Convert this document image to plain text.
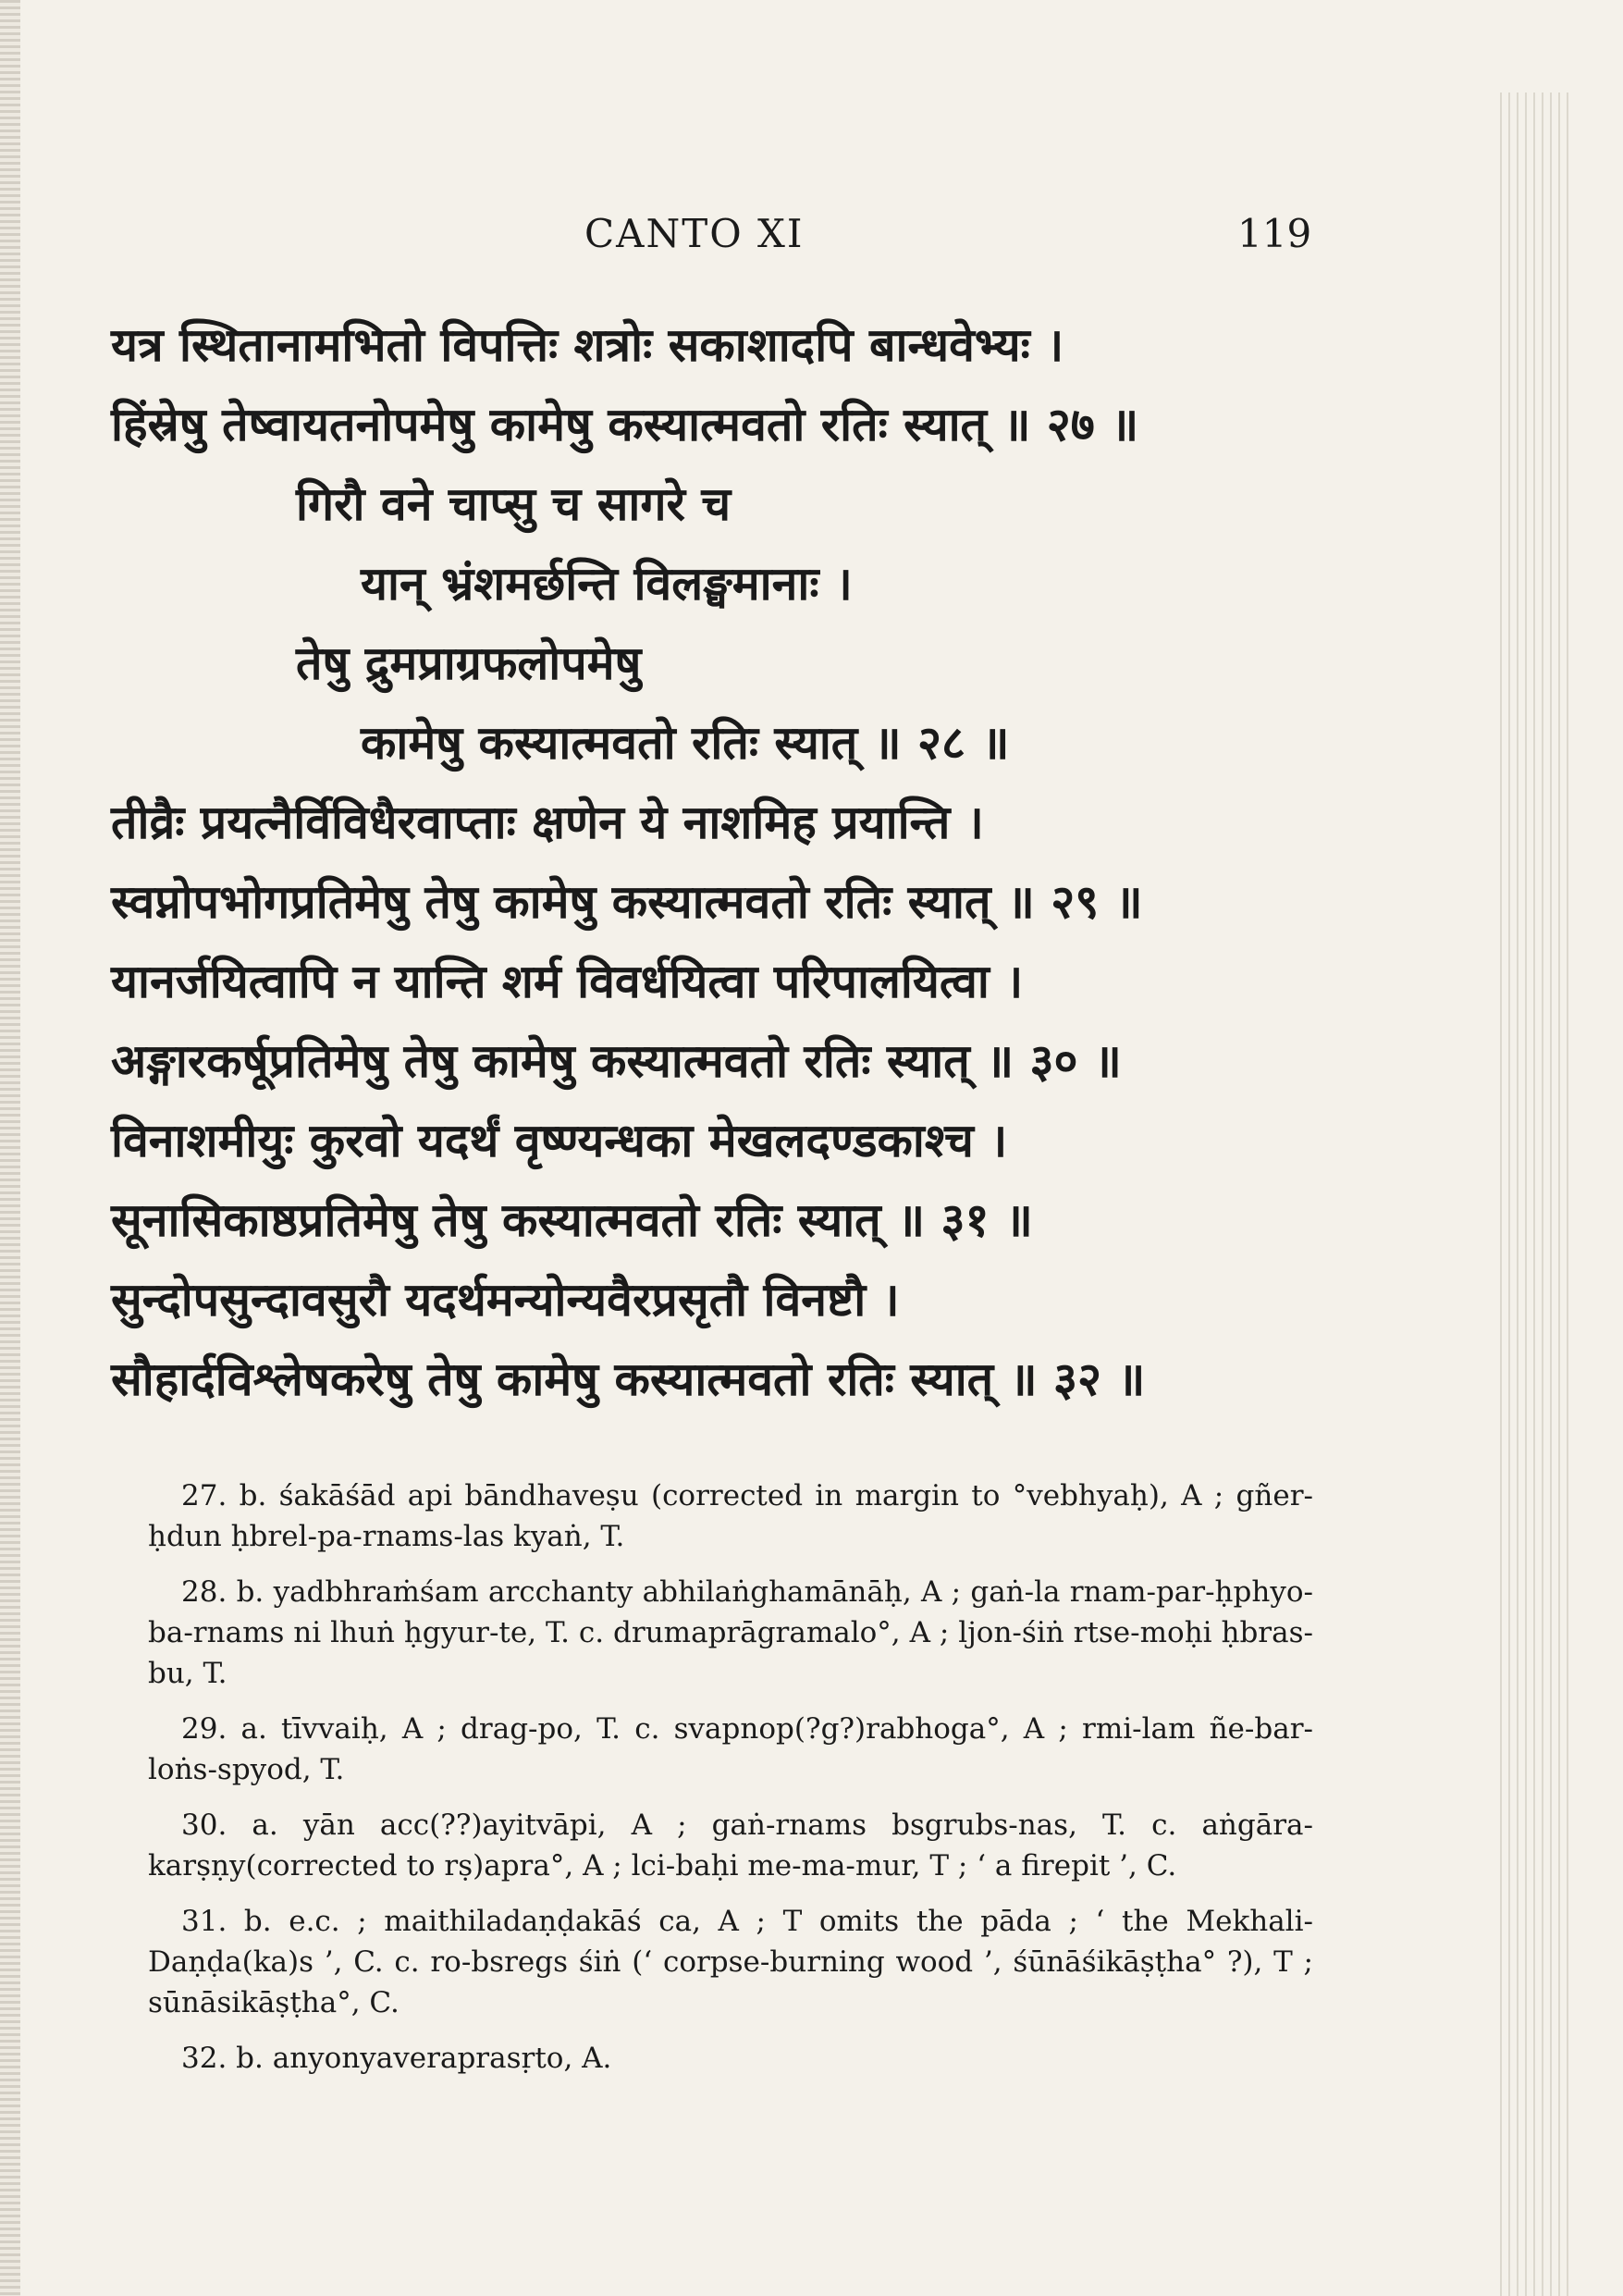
CANTO XI	119
यत्र स्थितानामभितो विपत्तिः शत्रोः सकाशादपि बान्धवेभ्यः ।
हिंस्रेषु तेष्वायतनोपमेषु कामेषु कस्यात्मवतो रतिः स्यात् ॥ २७ ॥
गिरौ वने चाप्सु च सागरे च
यान् भ्रंशमर्छन्ति विलङ्घमानाः ।
तेषु द्रुमप्राग्रफलोपमेषु
कामेषु कस्यात्मवतो रतिः स्यात् ॥ २८ ॥
तीव्रैः प्रयत्नैर्विविधैरवाप्ताः क्षणेन ये नाशमिह प्रयान्ति ।
स्वप्नोपभोगप्रतिमेषु तेषु कामेषु कस्यात्मवतो रतिः स्यात् ॥ २९ ॥
यानर्जयित्वापि न यान्ति शर्म विवर्धयित्वा परिपालयित्वा ।
अङ्गारकर्षूप्रतिमेषु तेषु कामेषु कस्यात्मवतो रतिः स्यात् ॥ ३० ॥
विनाशमीयुः कुरवो यदर्थं वृष्ण्यन्धका मेखलदण्डकाश्च ।
सूनासिकाष्ठप्रतिमेषु तेषु कस्यात्मवतो रतिः स्यात् ॥ ३१ ॥
सुन्दोपसुन्दावसुरौ यदर्थमन्योन्यवैरप्रसृतौ विनष्टौ ।
सौहार्दविश्लेषकरेषु तेषु कामेषु कस्यात्मवतो रतिः स्यात् ॥ ३२ ॥

27. b. śakāśād api bāndhaveṣu (corrected in margin to °vebhyaḥ), A ; gñer-ḥdun ḥbrel-pa-rnams-las kyaṅ, T.

28. b. yadbhraṁśam arcchanty abhilaṅghamānāḥ, A ; gaṅ-la rnam-par-ḥphyo-ba-rnams ni lhuṅ ḥgyur-te, T. c. drumaprāgramalo°, A ; ljon-śiṅ rtse-moḥi ḥbras-bu, T.

29. a. tīvvaiḥ, A ; drag-po, T. c. svapnop(?g?)rabhoga°, A ; rmi-lam ñe-bar-loṅs-spyod, T.

30. a. yān acc(??)ayitvāpi, A ; gaṅ-rnams bsgrubs-nas, T. c. aṅgāra-karṣṇy(corrected to rṣ)apra°, A ; lci-baḥi me-ma-mur, T ; ‘ a firepit ’, C.

31. b. e.c. ; maithiladaṇḍakāś ca, A ; T omits the pāda ; ‘ the Mekhali-Daṇḍa(ka)s ’, C. c. ro-bsregs śiṅ (‘ corpse-burning wood ’, śūnāśikāṣṭha° ?), T ; sūnāsikāṣṭha°, C.

32. b. anyonyaveraprasṛto, A.
